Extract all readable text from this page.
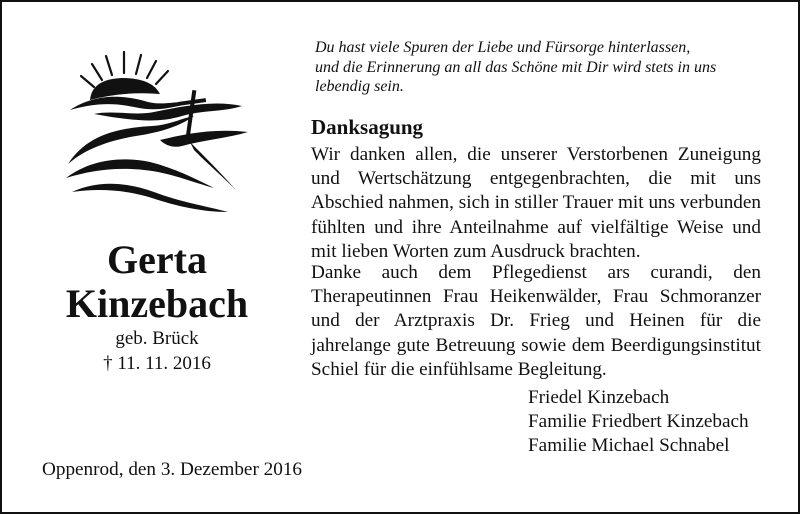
Gerta
Kinzebach
geb. Brück
† 11. 11. 2016
Du hast viele Spuren der Liebe und Fürsorge hinterlassen,
und die Erinnerung an all das Schöne mit Dir wird stets in uns
lebendig sein.
Danksagung
Wir danken allen, die unserer Verstorbenen Zuneigung und Wertschätzung entgegenbrachten, die mit uns Abschied nahmen, sich in stiller Trauer mit uns verbunden fühlten und ihre Anteilnahme auf vielfältige Weise und mit lieben Worten zum Ausdruck brachten.
Danke auch dem Pflegedienst ars curandi, den Therapeutinnen Frau Heikenwälder, Frau Schmoranzer und der Arztpraxis Dr. Frieg und Heinen für die jahrelange gute Betreuung sowie dem Beerdigungsinstitut Schiel für die einfühlsame Begleitung.
Friedel Kinzebach
Familie Friedbert Kinzebach
Familie Michael Schnabel
Oppenrod, den 3. Dezember 2016
